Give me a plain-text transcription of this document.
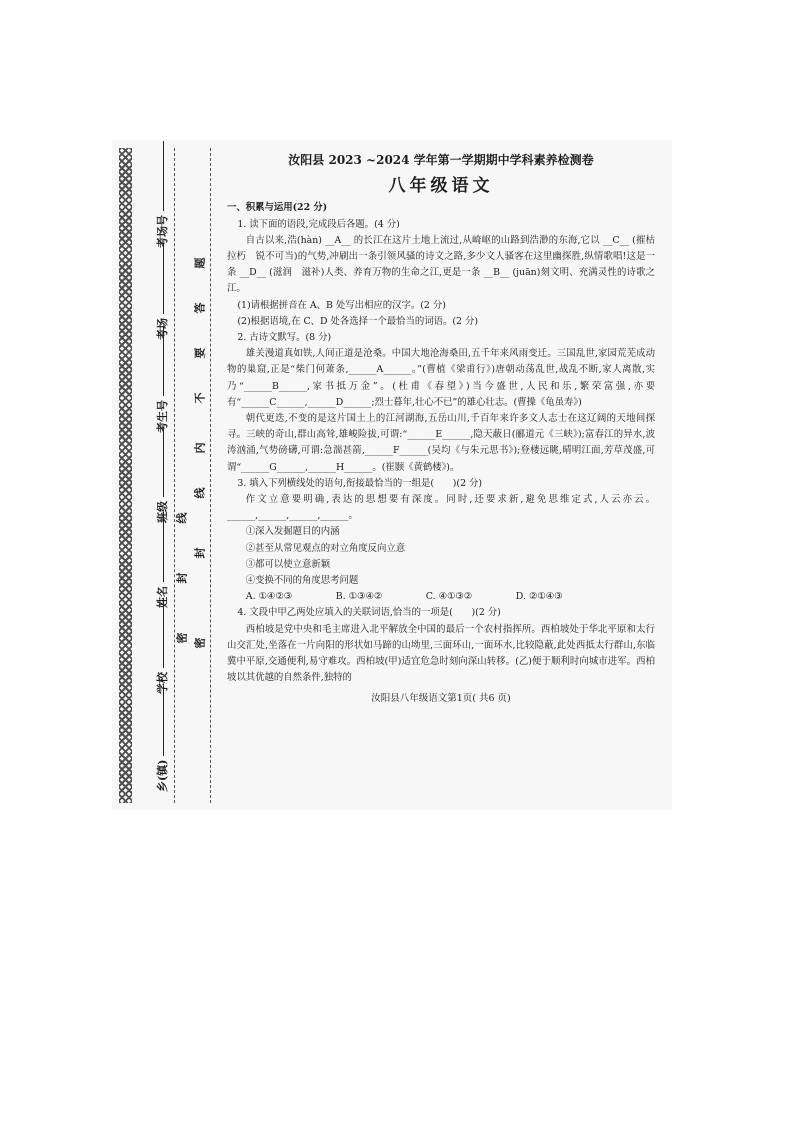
考场号
考场
考生号
班级
姓名
学校
乡(镇)
密
封
线
密
封
线
内
不
要
答
题

汝阳县 2023 ~2024 学年第一学期期中学科素养检测卷

八年级语文

一、积累与运用(22 分)

1. 读下面的语段,完成段后各题。(4 分)

自古以来,浩(hàn) __A__ 的长江在这片土地上流过,从崎岖的山路到浩渺的东海,它以 __C__ (摧枯拉朽　锐不可当)的气势,冲刷出一条引领风骚的诗文之路,多少文人骚客在这里幽探胜,纵情歌唱!这是一条 __D__ (滋润　滋补)人类、养育万物的生命之江,更是一条 __B__ (juān)刻文明、充满灵性的诗歌之江。

(1)请根据拼音在 A、B 处写出相应的汉字。(2 分)

(2)根据语境,在 C、D 处各选择一个最恰当的词语。(2 分)

2. 古诗文默写。(8 分)

雄关漫道真如铁,人间正道是沧桑。中国大地沧海桑田,五千年来风雨变迁。三国乱世,家园荒芜成动物的巢窟,正是“柴门何萧条,______A______。”(曹植《梁甫行》)唐朝动荡乱世,战乱不断,家人离散,实乃“______B______,家书抵万金”。(杜甫《春望》)当今盛世,人民和乐,繁荣富强,亦要有“______C______,______D______;烈士暮年,壮心不已”的雄心壮志。(曹操《龟虽寿》)

朝代更迭,不变的是这片国土上的江河湖海,五岳山川,千百年来许多文人志士在这辽阔的天地间探寻。三峡的奇山,群山高耸,雄峻险拔,可谓:“______E______,隐天蔽日(郦道元《三峡》);富春江的异水,波涛汹涌,气势磅礴,可谓:急湍甚箭,______F______(吴均《与朱元思书》);登楼远眺,晴明江面,芳草茂盛,可谓“______G______,______H______。(崔颢《黄鹤楼》)。

3. 填入下列横线处的语句,衔接最恰当的一组是(　　)(2 分)

作文立意要明确,表达的思想要有深度。同时,还要求新,避免思维定式,人云亦云。______,______,______,______。

①深入发掘题目的内涵

②甚至从常见观点的对立角度反向立意

③都可以使立意新颖

④变换不同的角度思考问题

A. ①④②③	B. ①③④②	C. ④①③②	D. ②①④③

4. 文段中甲乙两处应填入的关联词语,恰当的一项是(　　)(2 分)

西柏坡是党中央和毛主席进入北平解放全中国的最后一个农村指挥所。西柏坡处于华北平原和太行山交汇处,坐落在一片向阳的形状如马蹄的山坳里,三面环山,一面环水,比较隐蔽,此处西抵太行群山,东临冀中平原,交通便利,易守难攻。西柏坡(甲)适宜危急时刻向深山转移。(乙)便于顺利时向城市进军。西柏坡以其优越的自然条件,独特的

汝阳县八年级语文第1页( 共6 页)
